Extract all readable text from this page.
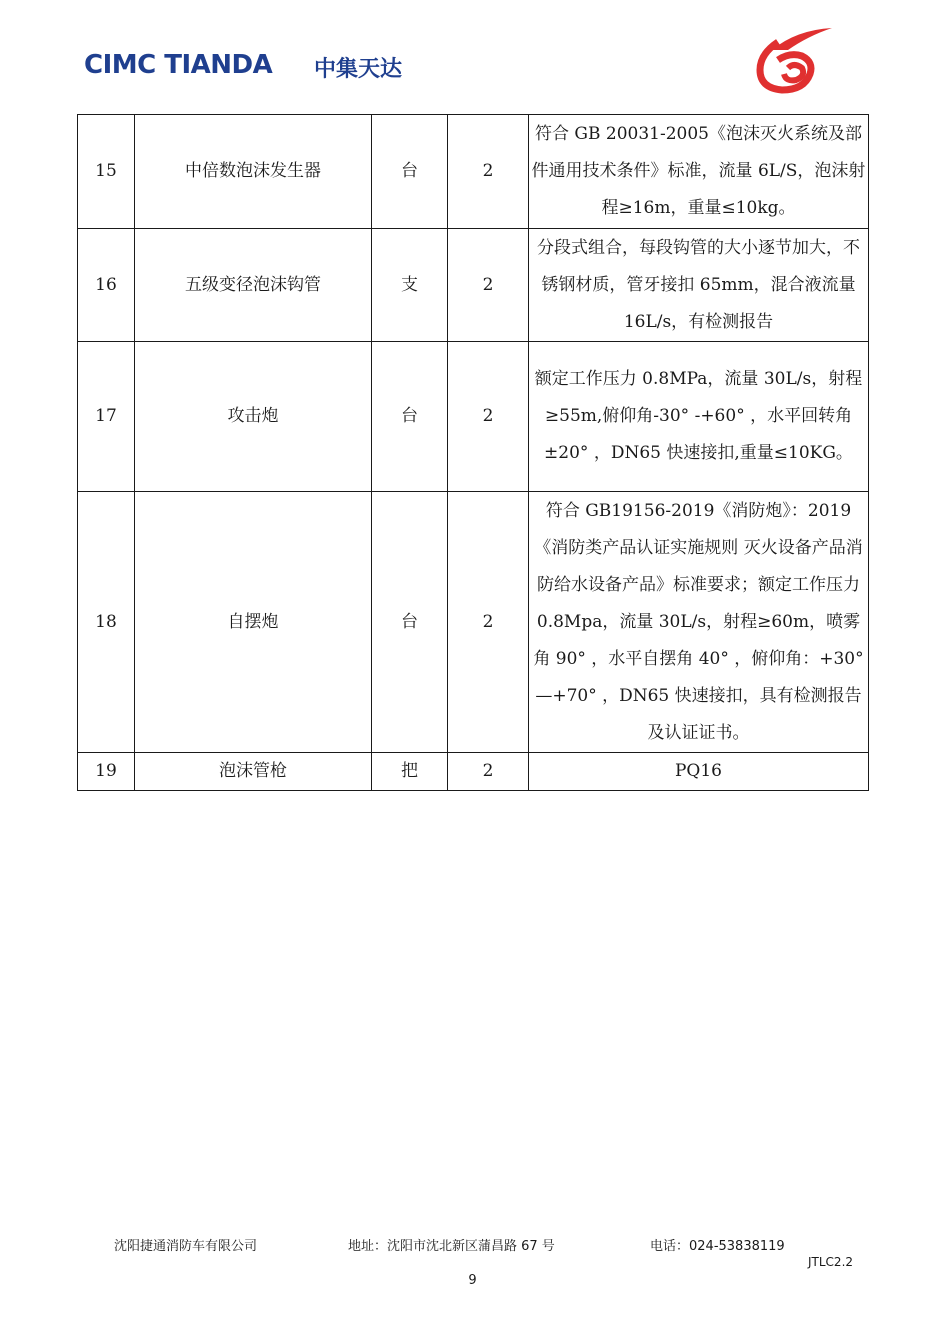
CIMC TIANDA 中集天达
15	中倍数泡沫发生器	台	2	符合 GB 20031-2005《泡沫灭火系统及部件通用技术条件》标准，流量 6L/S，泡沫射程≥16m，重量≤10kg。
16	五级变径泡沫钩管	支	2	分段式组合，每段钩管的大小逐节加大，不锈钢材质，管牙接扣 65mm，混合液流量 16L/s，有检测报告
17	攻击炮	台	2	额定工作压力 0.8MPa，流量 30L/s，射程≥55m,俯仰角-30° -+60° ，水平回转角±20° ，DN65 快速接扣,重量≤10KG。
18	自摆炮	台	2	符合 GB19156-2019《消防炮》：2019《消防类产品认证实施规则 灭火设备产品消防给水设备产品》标准要求；额定工作压力 0.8Mpa，流量 30L/s，射程≥60m，喷雾角 90° ，水平自摆角 40° ，俯仰角：+30° —+70° ，DN65 快速接扣，具有检测报告及认证证书。
19	泡沫管枪	把	2	PQ16
沈阳捷通消防车有限公司	地址：沈阳市沈北新区蒲昌路 67 号	电话：024-53838119
JTLC2.2
9
